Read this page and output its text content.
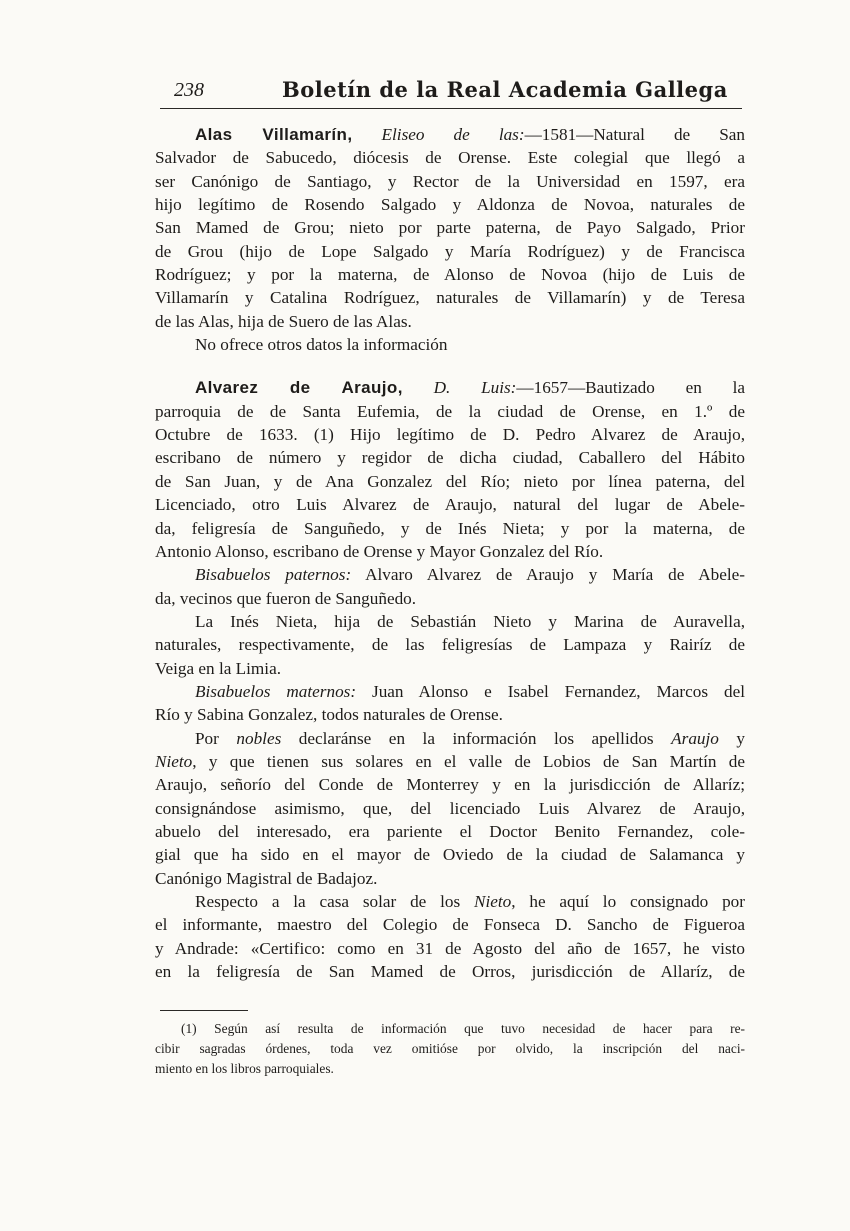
238	Boletín de la Real Academia Gallega
Alas Villamarín, Eliseo de las:—1581—Natural de San
Salvador de Sabucedo, diócesis de Orense. Este colegial que llegó a
ser Canónigo de Santiago, y Rector de la Universidad en 1597, era
hijo legítimo de Rosendo Salgado y Aldonza de Novoa, naturales de
San Mamed de Grou; nieto por parte paterna, de Payo Salgado, Prior
de Grou (hijo de Lope Salgado y María Rodríguez) y de Francisca
Rodríguez; y por la materna, de Alonso de Novoa (hijo de Luis de
Villamarín y Catalina Rodríguez, naturales de Villamarín) y de Teresa
de las Alas, hija de Suero de las Alas.
No ofrece otros datos la información
Alvarez de Araujo, D. Luis:—1657—Bautizado en la
parroquia de de Santa Eufemia, de la ciudad de Orense, en 1.º de
Octubre de 1633. (1) Hijo legítimo de D. Pedro Alvarez de Araujo,
escribano de número y regidor de dicha ciudad, Caballero del Hábito
de San Juan, y de Ana Gonzalez del Río; nieto por línea paterna, del
Licenciado, otro Luis Alvarez de Araujo, natural del lugar de Abele-
da, feligresía de Sanguñedo, y de Inés Nieta; y por la materna, de
Antonio Alonso, escribano de Orense y Mayor Gonzalez del Río.
Bisabuelos paternos: Alvaro Alvarez de Araujo y María de Abele-
da, vecinos que fueron de Sanguñedo.
La Inés Nieta, hija de Sebastián Nieto y Marina de Auravella,
naturales, respectivamente, de las feligresías de Lampaza y Rairíz de
Veiga en la Limia.
Bisabuelos maternos: Juan Alonso e Isabel Fernandez, Marcos del
Río y Sabina Gonzalez, todos naturales de Orense.
Por nobles declaránse en la información los apellidos Araujo y
Nieto, y que tienen sus solares en el valle de Lobios de San Martín de
Araujo, señorío del Conde de Monterrey y en la jurisdicción de Allaríz;
consignándose asimismo, que, del licenciado Luis Alvarez de Araujo,
abuelo del interesado, era pariente el Doctor Benito Fernandez, cole-
gial que ha sido en el mayor de Oviedo de la ciudad de Salamanca y
Canónigo Magistral de Badajoz.
Respecto a la casa solar de los Nieto, he aquí lo consignado por
el informante, maestro del Colegio de Fonseca D. Sancho de Figueroa
y Andrade: «Certifico: como en 31 de Agosto del año de 1657, he visto
en la feligresía de San Mamed de Orros, jurisdicción de Allaríz, de
(1) Según así resulta de información que tuvo necesidad de hacer para re-
cibir sagradas órdenes, toda vez omitióse por olvido, la inscripción del naci-
miento en los libros parroquiales.
